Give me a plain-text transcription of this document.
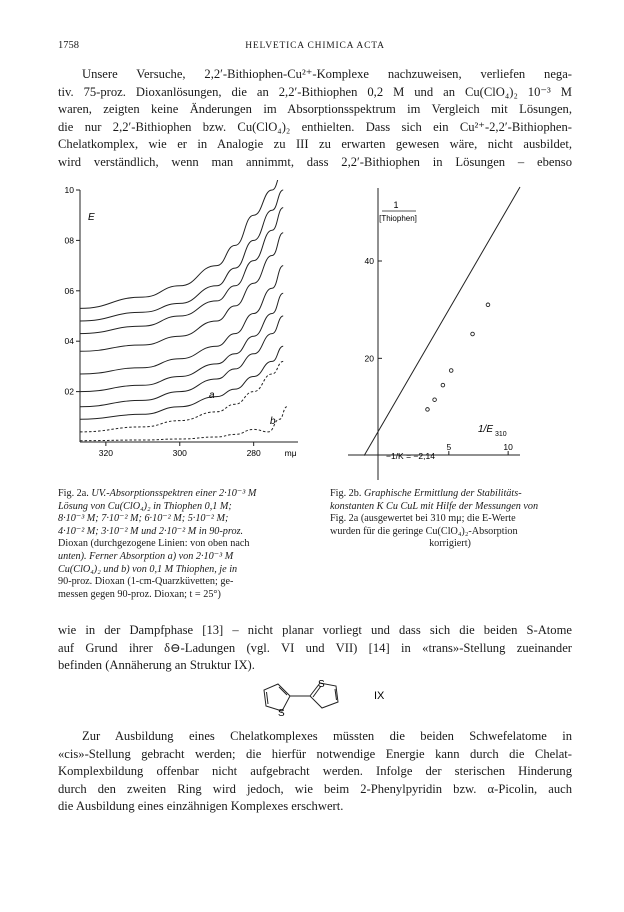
1758	HELVETICA CHIMICA ACTA
Unsere Versuche, 2,2′-Bithiophen-Cu²⁺-Komplexe nachzuweisen, verliefen nega-
tiv. 75-proz. Dioxanlösungen, die an 2,2′-Bithiophen 0,2 M und an Cu(ClO₄)₂ 10⁻³ M
waren, zeigten keine Änderungen im Absorptionsspektrum im Vergleich mit Lösungen,
die nur 2,2′-Bithiophen bzw. Cu(ClO₄)₂ enthielten. Dass sich ein Cu²⁺-2,2′-Bithiophen-
Chelatkomplex, wie er in Analogie zu III zu erwarten gewesen wäre, nicht ausbildet,
wird verständlich, wenn man annimmt, dass 2,2′-Bithiophen in Lösungen – ebenso
10
08
06
04
02
320	300	280	mμ
E
a
b
40
20
5	10
1
[Thiophen]
1/E 310
−1/K = −2,14
Fig. 2a. UV.-Absorptionsspektren einer 2·10⁻³ M
Lösung von Cu(ClO₄)₂ in Thiophen 0,1 M;
8·10⁻³ M; 7·10⁻² M; 6·10⁻² M; 5·10⁻² M;
4·10⁻² M; 3·10⁻² M und 2·10⁻² M in 90-proz.
Dioxan (durchgezogene Linien: von oben nach
unten). Ferner Absorption a) von 2·10⁻³ M
Cu(ClO₄)₂ und b) von 0,1 M Thiophen, je in
90-proz. Dioxan (1-cm-Quarzküvetten; ge-
messen gegen 90-proz. Dioxan; t = 25°)
Fig. 2b. Graphische Ermittlung der Stabilitäts-
konstanten K Cu CuL mit Hilfe der Messungen von
Fig. 2a (ausgewertet bei 310 mμ; die E-Werte
wurden für die geringe Cu(ClO₄)₂-Absorption
korrigiert)
wie in der Dampfphase [13] – nicht planar vorliegt und dass sich die beiden S-Atome
auf Grund ihrer δ⊖-Ladungen (vgl. VI und VII) [14] in «trans»-Stellung zueinander
befinden (Annäherung an Struktur IX).
S
S
IX
Zur Ausbildung eines Chelatkomplexes müssten die beiden Schwefelatome in
«cis»-Stellung gebracht werden; die hierfür notwendige Energie kann durch die Chelat-
Komplexbildung offenbar nicht aufgebracht werden. Infolge der sterischen Hinderung
durch den zweiten Ring wird jedoch, wie beim 2-Phenylpyridin bzw. α-Picolin, auch
die Ausbildung eines einzähnigen Komplexes erschwert.
